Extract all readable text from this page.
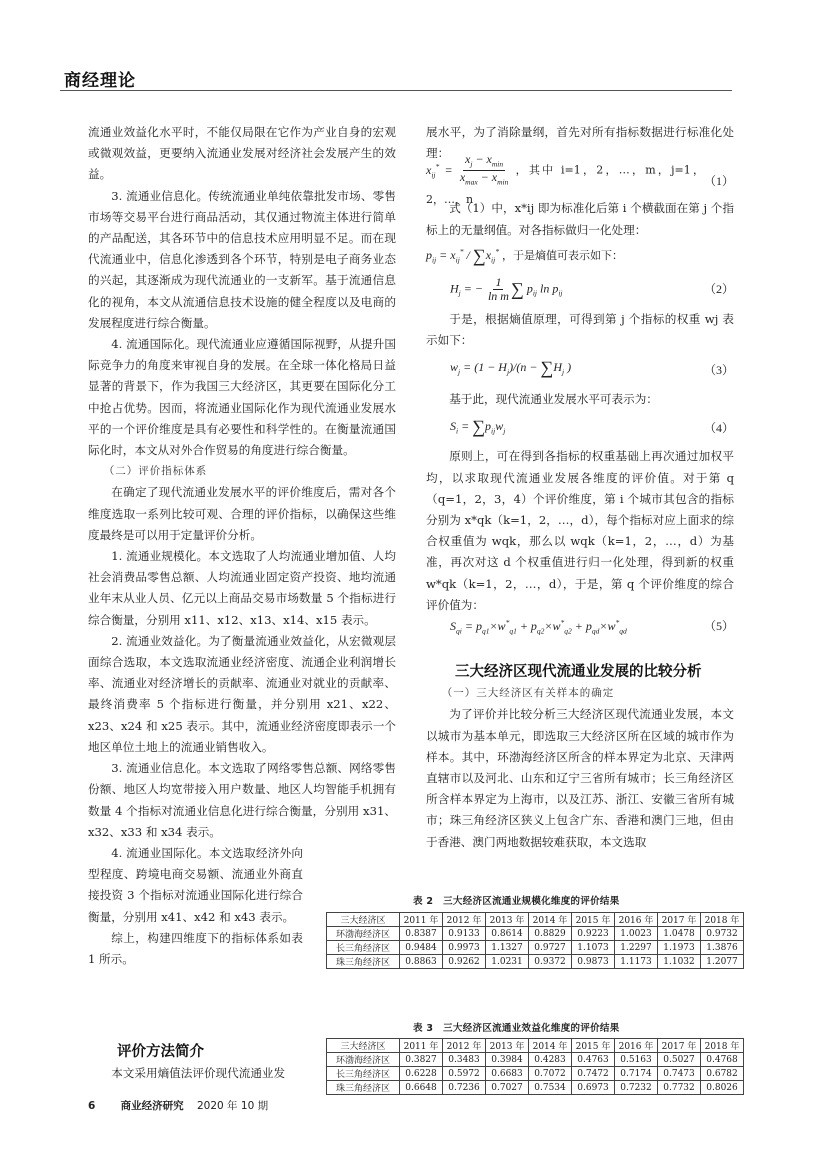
商经理论

流通业效益化水平时，不能仅局限在它作为产业自身的宏观或微观效益，更要纳入流通业发展对经济社会发展产生的效益。

3. 流通业信息化。传统流通业单纯依靠批发市场、零售市场等交易平台进行商品活动，其仅通过物流主体进行简单的产品配送，其各环节中的信息技术应用明显不足。而在现代流通业中，信息化渗透到各个环节，特别是电子商务业态的兴起，其逐渐成为现代流通业的一支新军。基于流通信息化的视角，本文从流通信息技术设施的健全程度以及电商的发展程度进行综合衡量。

4. 流通国际化。现代流通业应遵循国际视野，从提升国际竞争力的角度来审视自身的发展。在全球一体化格局日益显著的背景下，作为我国三大经济区，其更要在国际化分工中抢占优势。因而，将流通业国际化作为现代流通业发展水平的一个评价维度是具有必要性和科学性的。在衡量流通国际化时，本文从对外合作贸易的角度进行综合衡量。

（二）评价指标体系

在确定了现代流通业发展水平的评价维度后，需对各个维度选取一系列比较可观、合理的评价指标，以确保这些维度最终是可以用于定量评价分析。

1. 流通业规模化。本文选取了人均流通业增加值、人均社会消费品零售总额、人均流通业固定资产投资、地均流通业年末从业人员、亿元以上商品交易市场数量 5 个指标进行综合衡量，分别用 x11、x12、x13、x14、x15 表示。

2. 流通业效益化。为了衡量流通业效益化，从宏微观层面综合选取，本文选取流通业经济密度、流通企业利润增长率、流通业对经济增长的贡献率、流通业对就业的贡献率、最终消费率 5 个指标进行衡量，并分别用 x21、x22、x23、x24 和 x25 表示。其中，流通业经济密度即表示一个地区单位土地上的流通业销售收入。

3. 流通业信息化。本文选取了网络零售总额、网络零售份额、地区人均宽带接入用户数量、地区人均智能手机拥有数量 4 个指标对流通业信息化进行综合衡量，分别用 x31、x32、x33 和 x34 表示。

4. 流通业国际化。本文选取经济外向型程度、跨境电商交易额、流通业外商直接投资 3 个指标对流通业国际化进行综合衡量，分别用 x41、x42 和 x43 表示。

综上，构建四维度下的指标体系如表 1 所示。

评价方法简介

本文采用熵值法评价现代流通业发

展水平，为了消除量纲，首先对所有指标数据进行标准化处理：

$x_{ij}^* = \frac{x_j - x_{min}}{x_{max} - x_{min}}$ ，其中 i=1，2，…，m，j=1，2，…，n
（1）

式（1）中，x*ij 即为标准化后第 i 个横截面在第 j 个指标上的无量纲值。对各指标做归一化处理：

$p_{ij} = x_{ij}^* / \sum x_{ij}^*$ ，于是熵值可表示如下：
$H_j$ = − $\frac{1}{\text{ln m}}$ ∑ $p_{ij}$ $\ln p_{ij}$	（2）

于是，根据熵值原理，可得到第 j 个指标的权重 wj 表示如下：

$w_j = (1 - H_j)/(n - \sum H_j$ )	（3）

基于此，现代流通业发展水平可表示为：

$S_i = \sum p_{ij}w_j$	（4）

原则上，可在得到各指标的权重基础上再次通过加权平均，以求取现代流通业发展各维度的评价值。对于第 q（q=1，2，3，4）个评价维度，第 i 个城市其包含的指标分别为 x*qk（k=1，2，…，d），每个指标对应上面求的综合权重值为 wqk，那么以 wqk（k=1，2，…，d）为基准，再次对这 d 个权重值进行归一化处理，得到新的权重 w*qk（k=1，2，…，d），于是，第 q 个评价维度的综合评价值为：

$S_{qi} = p_{q1}\times w^*_{q1} + p_{q2}\times w^*_{q2} + p_{qd}\times w^*_{qd}$	（5）

三大经济区现代流通业发展的比较分析

（一）三大经济区有关样本的确定

为了评价并比较分析三大经济区现代流通业发展，本文以城市为基本单元，即选取三大经济区所在区域的城市作为样本。其中，环渤海经济区所含的样本界定为北京、天津两直辖市以及河北、山东和辽宁三省所有城市；长三角经济区所含样本界定为上海市，以及江苏、浙江、安徽三省所有城市；珠三角经济区狭义上包含广东、香港和澳门三地，但由于香港、澳门两地数据较难获取，本文选取

表 2　三大经济区流通业规模化维度的评价结果
三大经济区	2011 年	2012 年	2013 年	2014 年	2015 年	2016 年	2017 年	2018 年
环渤海经济区	0.8387	0.9133	0.8614	0.8829	0.9223	1.0023	1.0478	0.9732
长三角经济区	0.9484	0.9973	1.1327	0.9727	1.1073	1.2297	1.1973	1.3876
珠三角经济区	0.8863	0.9262	1.0231	0.9372	0.9873	1.1173	1.1032	1.2077
表 3　三大经济区流通业效益化维度的评价结果
三大经济区	2011 年	2012 年	2013 年	2014 年	2015 年	2016 年	2017 年	2018 年
环渤海经济区	0.3827	0.3483	0.3984	0.4283	0.4763	0.5163	0.5027	0.4768
长三角经济区	0.6228	0.5972	0.6683	0.7072	0.7472	0.7174	0.7473	0.6782
珠三角经济区	0.6648	0.7236	0.7027	0.7534	0.6973	0.7232	0.7732	0.8026
6 商业经济研究 2020 年 10 期
